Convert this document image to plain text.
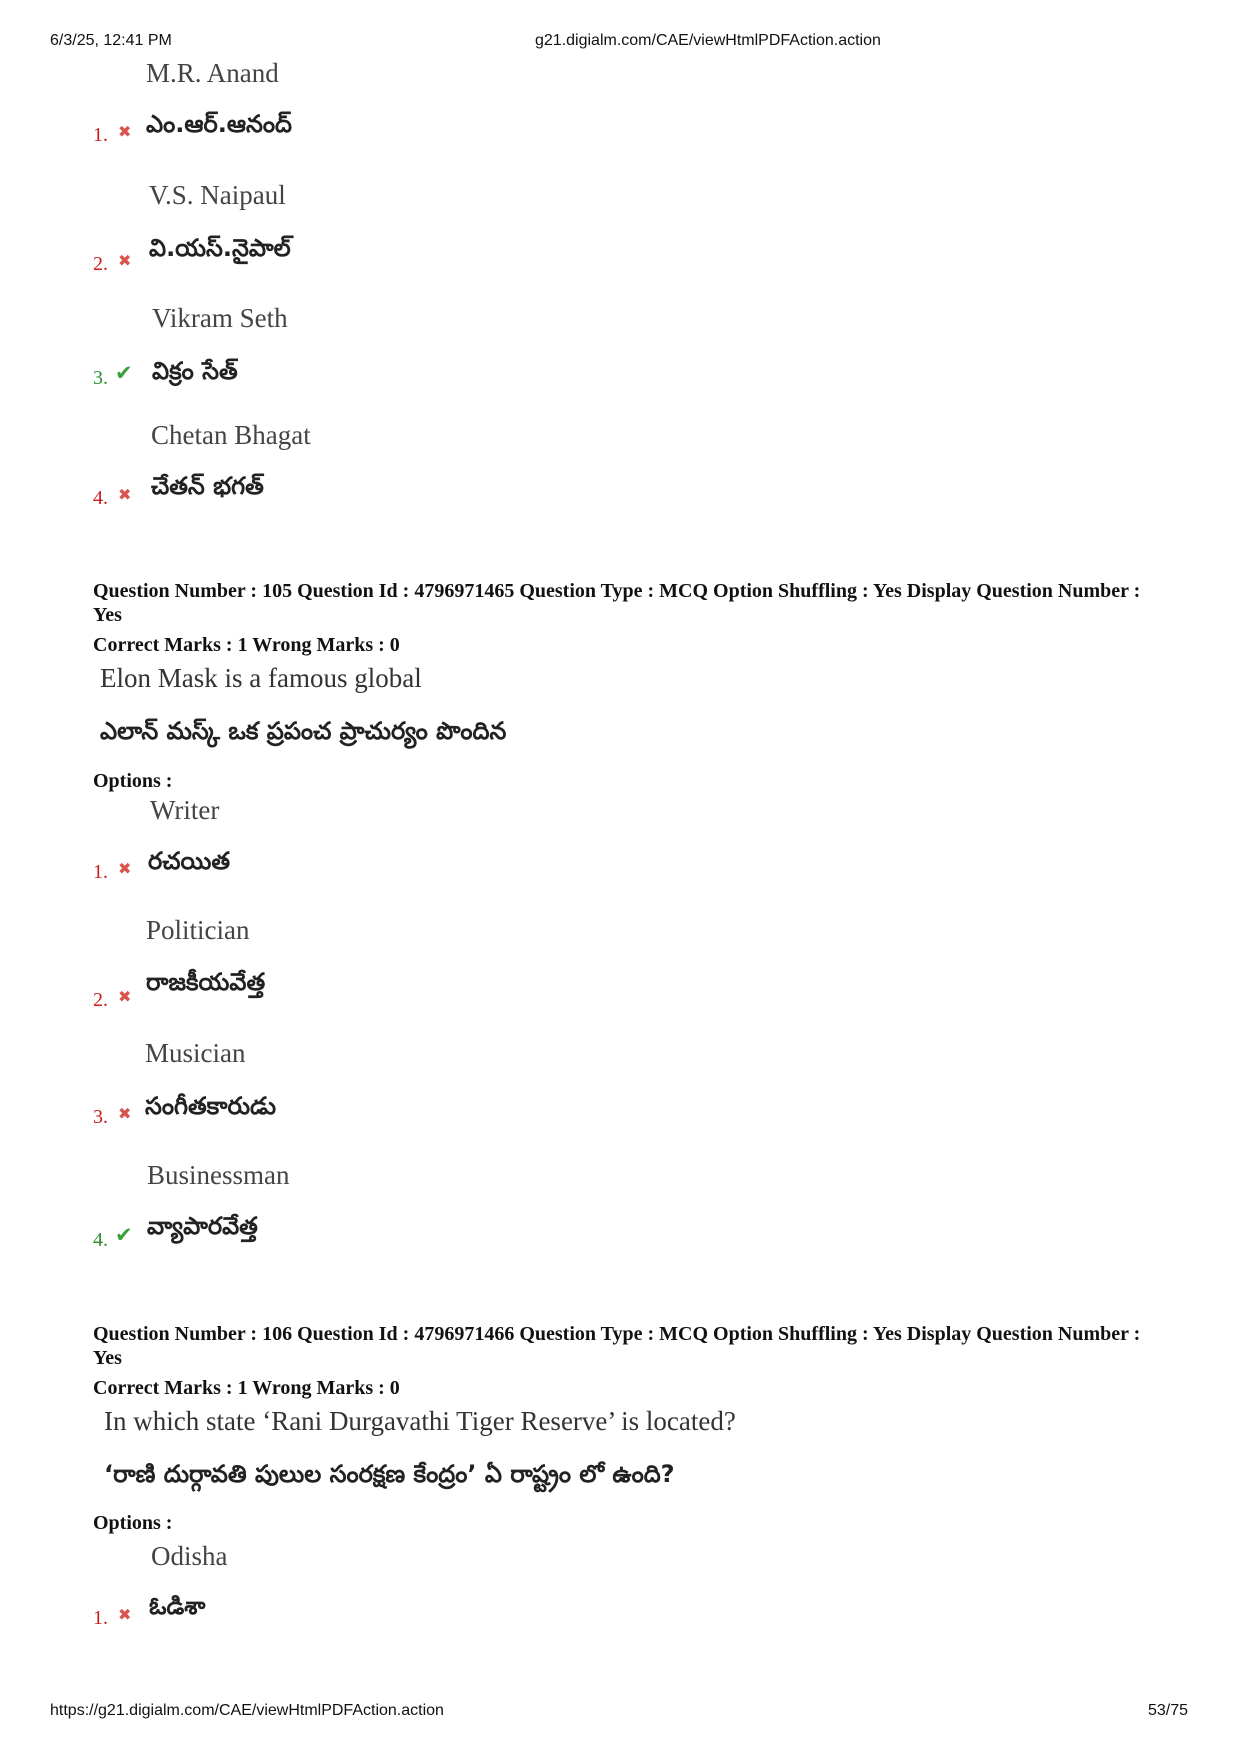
6/3/25, 12:41 PM	g21.digialm.com/CAE/viewHtmlPDFAction.action
M.R. Anand
1. ✖ ఎం.ఆర్.ఆనంద్
V.S. Naipaul
2. ✖ వి.యస్.నైపాల్
Vikram Seth
3. ✔ విక్రం సేత్
Chetan Bhagat
4. ✖ చేతన్ భగత్
Question Number : 105 Question Id : 4796971465 Question Type : MCQ Option Shuffling : Yes Display Question Number : Yes
Correct Marks : 1 Wrong Marks : 0
Elon Mask is a famous global
ఎలాన్ మస్క్ ఒక ప్రపంచ ప్రాచుర్యం పొందిన
Options :
Writer
1. ✖ రచయిత
Politician
2. ✖
రాజకీయవేత్త
Musician
3. ✖ సంగీతకారుడు
Businessman
4. ✔ వ్యాపారవేత్త
Question Number : 106 Question Id : 4796971466 Question Type : MCQ Option Shuffling : Yes Display Question Number : Yes
Correct Marks : 1 Wrong Marks : 0
In which state ‘Rani Durgavathi Tiger Reserve’ is located?
‘రాణి దుర్గావతి పులుల సంరక్షణ కేంద్రం’ ఏ రాష్ట్రం లో ఉంది?
Options :
Odisha
1. ✖ ఓడిశా
https://g21.digialm.com/CAE/viewHtmlPDFAction.action	53/75
